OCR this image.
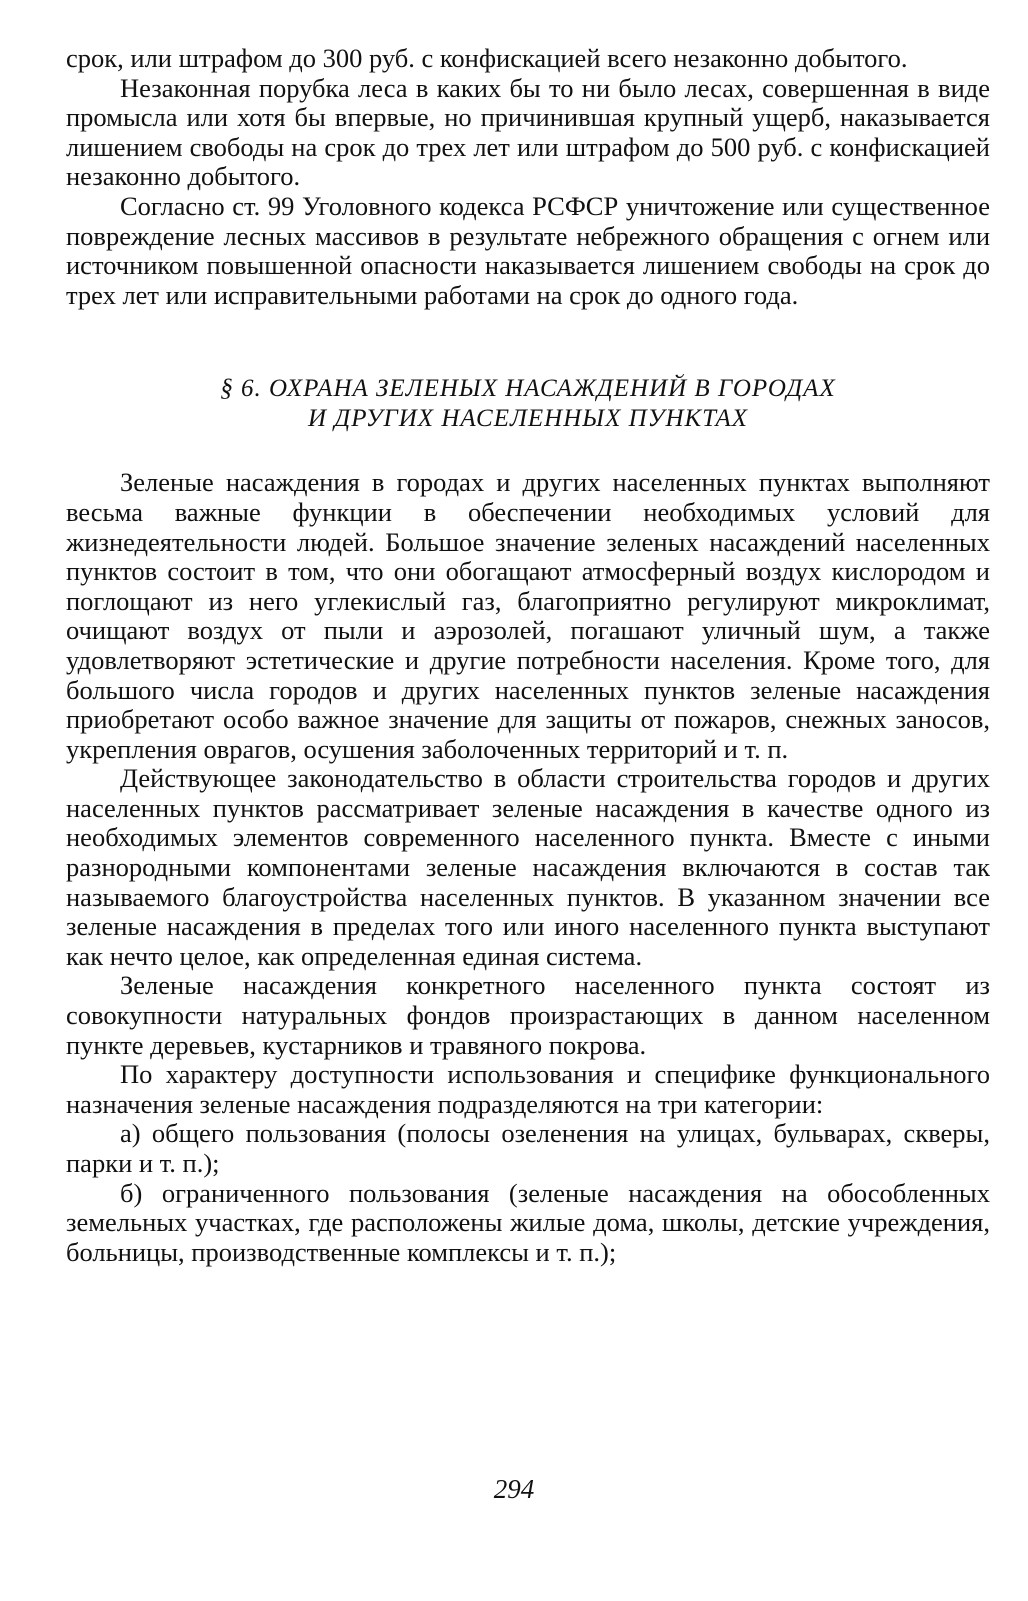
срок, или штрафом до 300 руб. с конфискацией всего незаконно добытого.

Незаконная порубка леса в каких бы то ни было лесах, совершенная в виде промысла или хотя бы впервые, но причинившая крупный ущерб, наказывается лишением свободы на срок до трех лет или штрафом до 500 руб. с конфискацией незаконно добытого.

Согласно ст. 99 Уголовного кодекса РСФСР уничтожение или существенное повреждение лесных массивов в результате небрежного обращения с огнем или источником повышенной опасности наказывается лишением свободы на срок до трех лет или исправительными работами на срок до одного года.

§ 6. ОХРАНА ЗЕЛЕНЫХ НАСАЖДЕНИЙ В ГОРОДАХ
И ДРУГИХ НАСЕЛЕННЫХ ПУНКТАХ

Зеленые насаждения в городах и других населенных пунктах выполняют весьма важные функции в обеспечении необходимых условий для жизнедеятельности людей. Большое значение зеленых насаждений населенных пунктов состоит в том, что они обогащают атмосферный воздух кислородом и поглощают из него углекислый газ, благоприятно регулируют микроклимат, очищают воздух от пыли и аэрозолей, погашают уличный шум, а также удовлетворяют эстетические и другие потребности населения. Кроме того, для большого числа городов и других населенных пунктов зеленые насаждения приобретают особо важное значение для защиты от пожаров, снежных заносов, укрепления оврагов, осушения заболоченных территорий и т. п.

Действующее законодательство в области строительства городов и других населенных пунктов рассматривает зеленые насаждения в качестве одного из необходимых элементов современного населенного пункта. Вместе с иными разнородными компонентами зеленые насаждения включаются в состав так называемого благоустройства населенных пунктов. В указанном значении все зеленые насаждения в пределах того или иного населенного пункта выступают как нечто целое, как определенная единая система.

Зеленые насаждения конкретного населенного пункта состоят из совокупности натуральных фондов произрастающих в данном населенном пункте деревьев, кустарников и травяного покрова.

По характеру доступности использования и специфике функционального назначения зеленые насаждения подразделяются на три категории:

а) общего пользования (полосы озеленения на улицах, бульварах, скверы, парки и т. п.);

б) ограниченного пользования (зеленые насаждения на обособленных земельных участках, где расположены жилые дома, школы, детские учреждения, больницы, производственные комплексы и т. п.);

294
